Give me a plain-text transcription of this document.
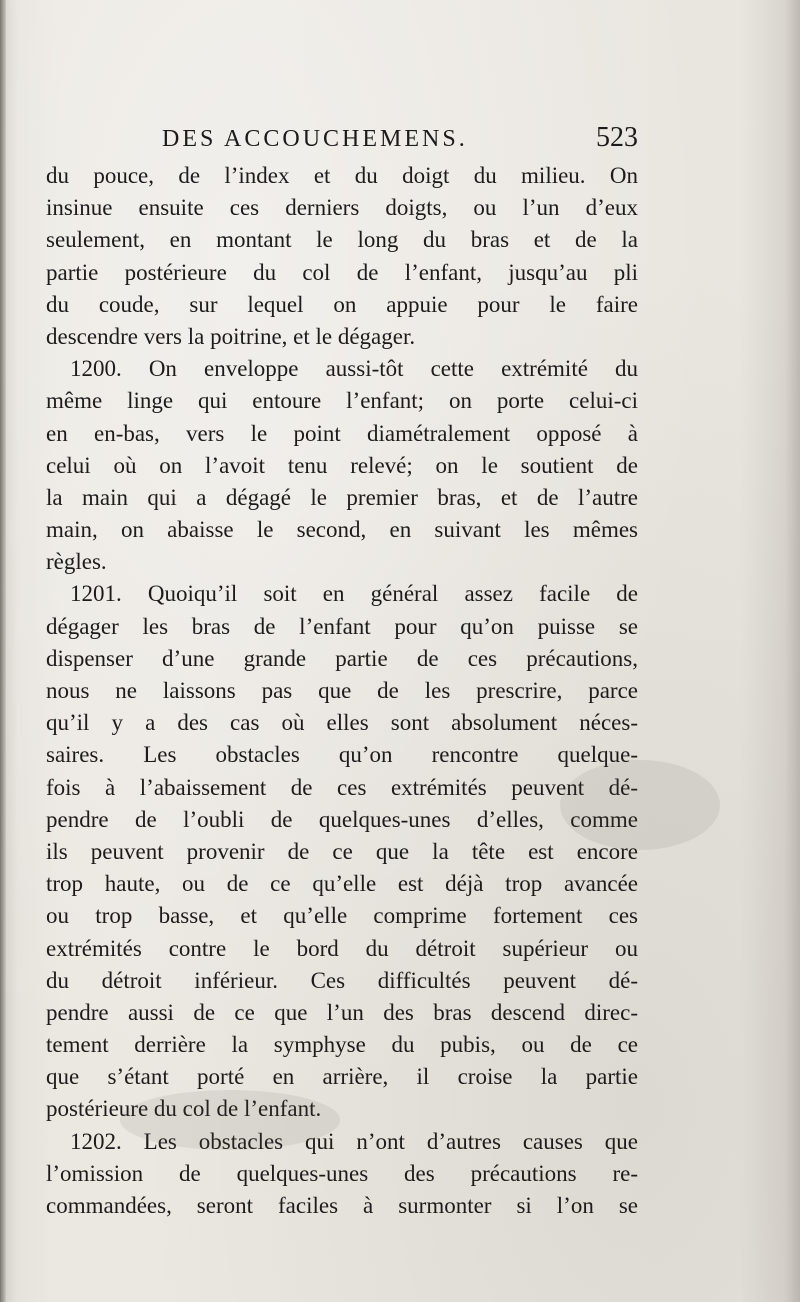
DES ACCOUCHEMENS.	523
du pouce, de l’index et du doigt du milieu. On
insinue ensuite ces derniers doigts, ou l’un d’eux
seulement, en montant le long du bras et de la
partie postérieure du col de l’enfant, jusqu’au pli
du coude, sur lequel on appuie pour le faire
descendre vers la poitrine, et le dégager.
1200. On enveloppe aussi-tôt cette extrémité du
même linge qui entoure l’enfant; on porte celui-ci
en en-bas, vers le point diamétralement opposé à
celui où on l’avoit tenu relevé; on le soutient de
la main qui a dégagé le premier bras, et de l’autre
main, on abaisse le second, en suivant les mêmes
règles.
1201. Quoiqu’il soit en général assez facile de
dégager les bras de l’enfant pour qu’on puisse se
dispenser d’une grande partie de ces précautions,
nous ne laissons pas que de les prescrire, parce
qu’il y a des cas où elles sont absolument néces-
saires. Les obstacles qu’on rencontre quelque-
fois à l’abaissement de ces extrémités peuvent dé-
pendre de l’oubli de quelques-unes d’elles, comme
ils peuvent provenir de ce que la tête est encore
trop haute, ou de ce qu’elle est déjà trop avancée
ou trop basse, et qu’elle comprime fortement ces
extrémités contre le bord du détroit supérieur ou
du détroit inférieur. Ces difficultés peuvent dé-
pendre aussi de ce que l’un des bras descend direc-
tement derrière la symphyse du pubis, ou de ce
que s’étant porté en arrière, il croise la partie
postérieure du col de l’enfant.
1202. Les obstacles qui n’ont d’autres causes que
l’omission de quelques-unes des précautions re-
commandées, seront faciles à surmonter si l’on se
